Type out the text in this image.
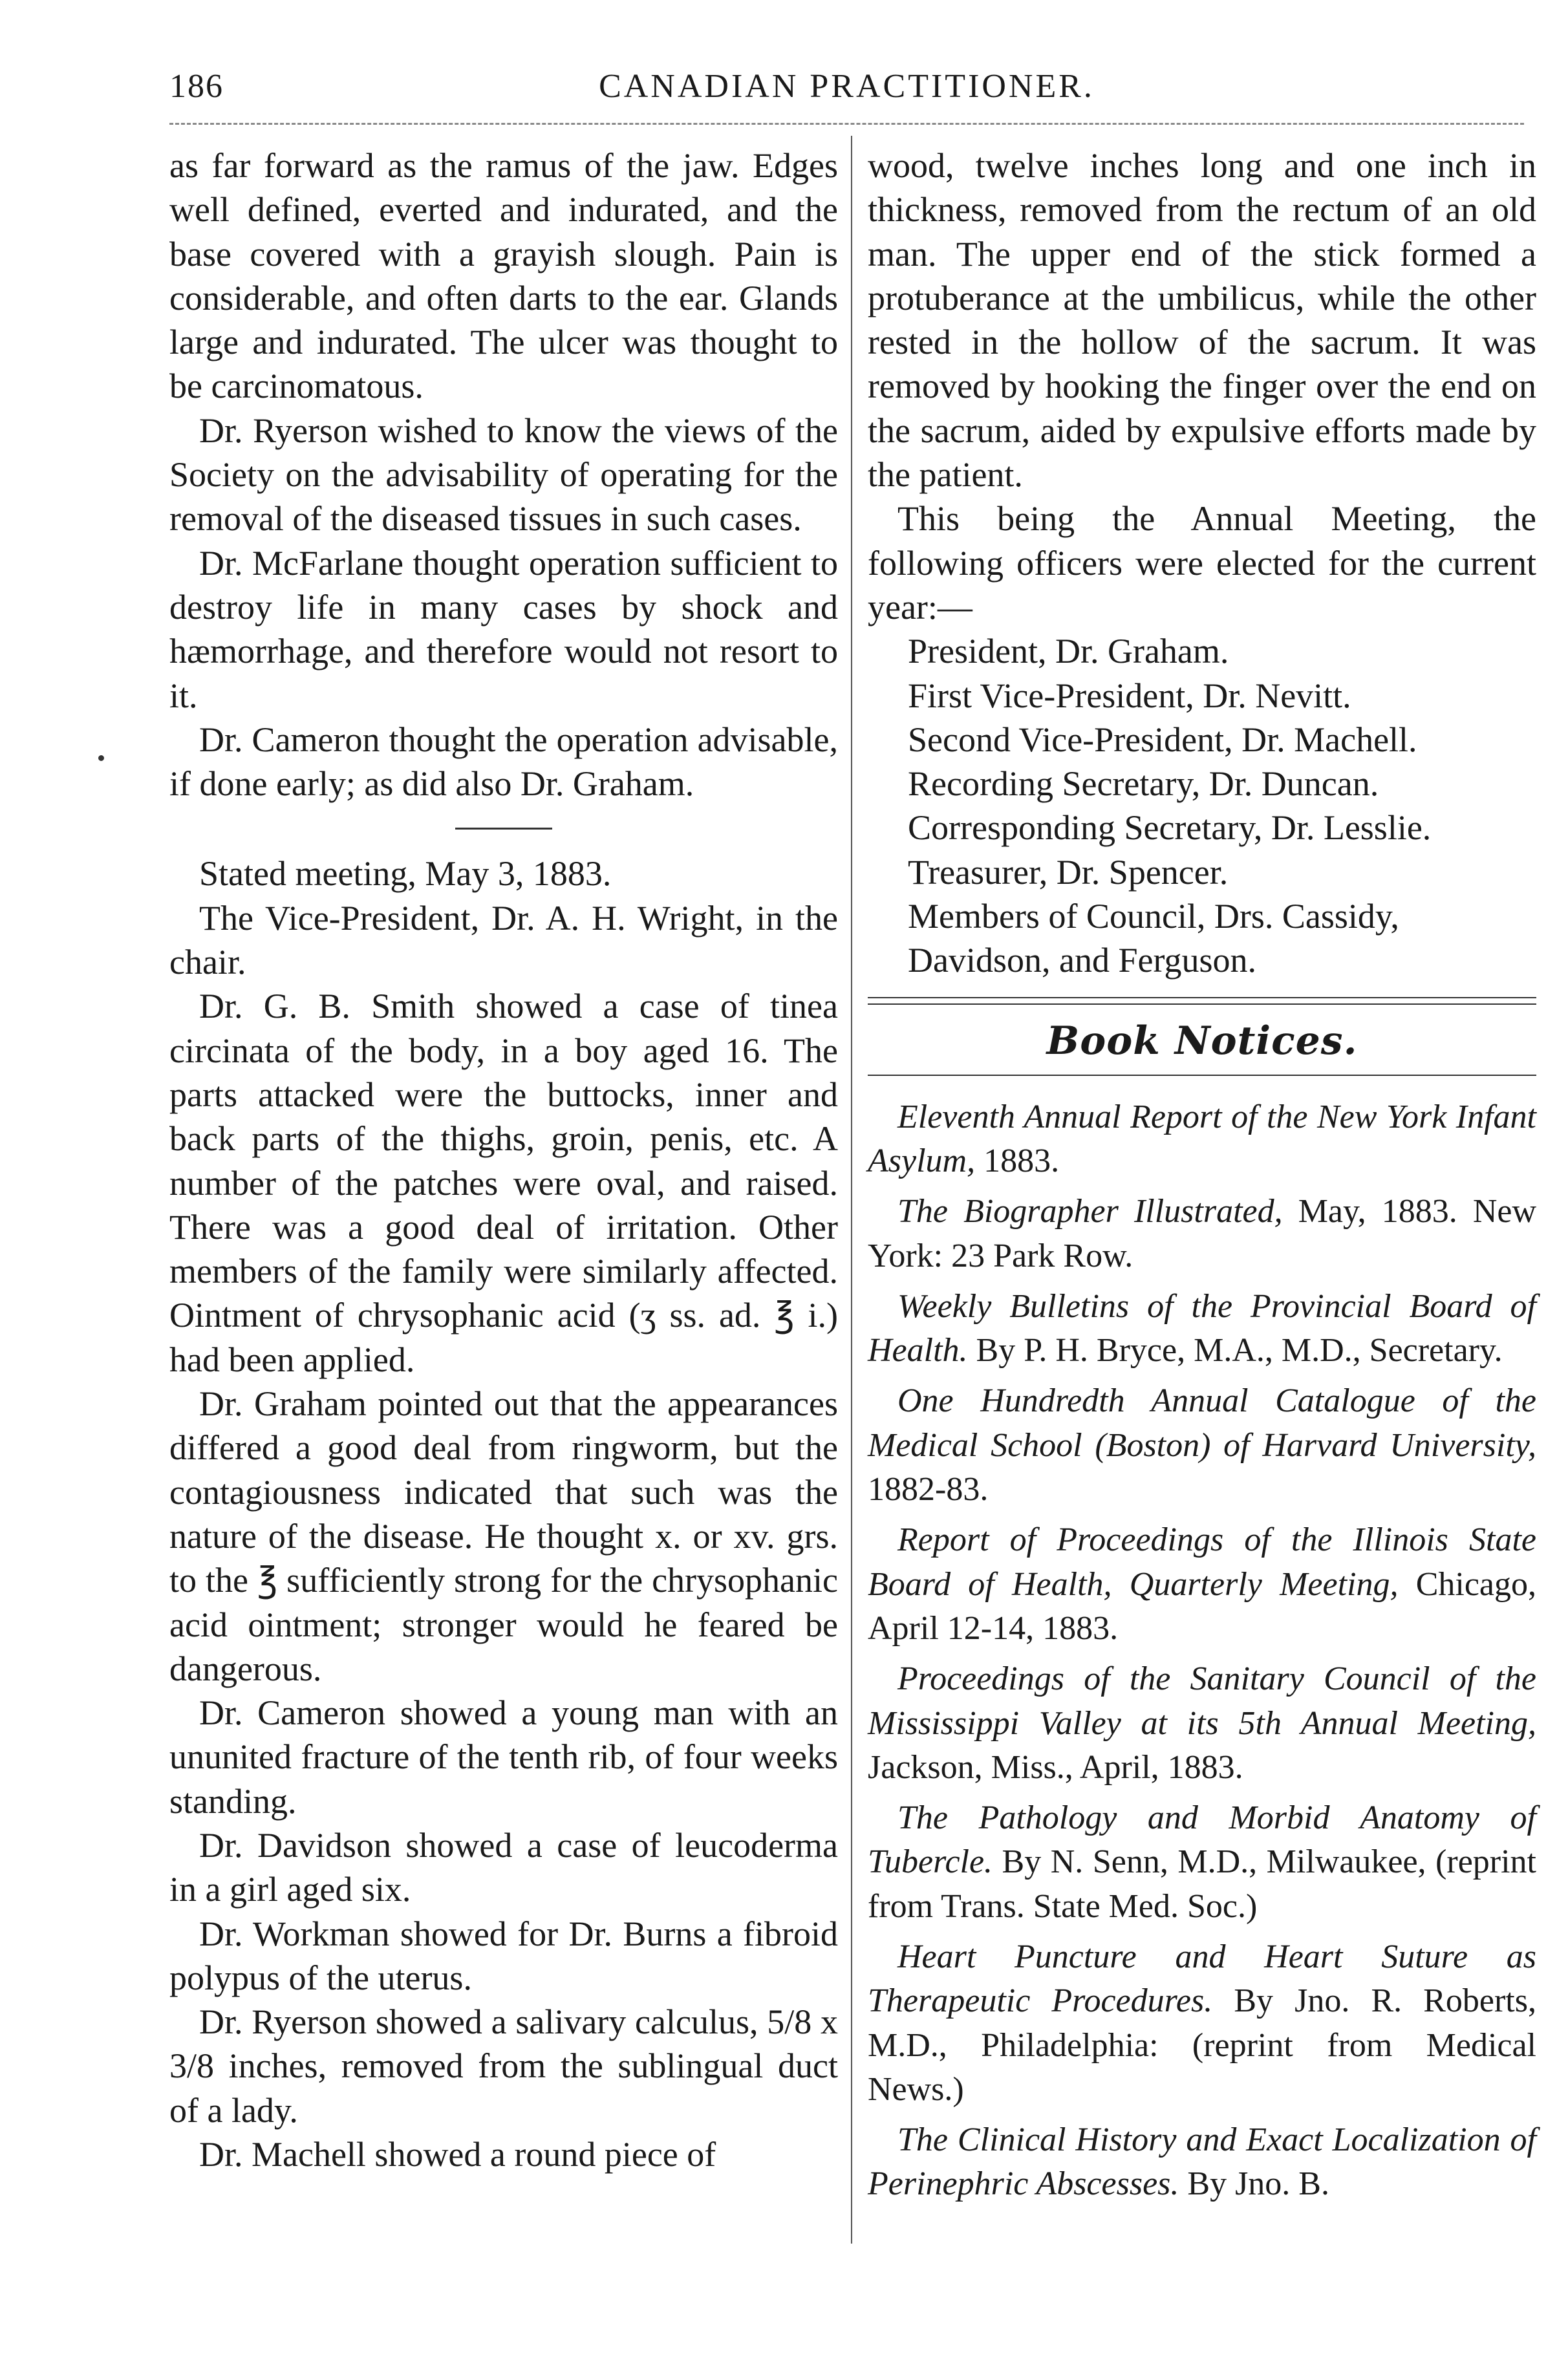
186	CANADIAN PRACTITIONER.

as far forward as the ramus of the jaw. Edges well defined, everted and indurated, and the base covered with a grayish slough. Pain is considerable, and often darts to the ear. Glands large and indurated. The ulcer was thought to be carcinomatous.

Dr. Ryerson wished to know the views of the Society on the advisability of operating for the removal of the diseased tissues in such cases.

Dr. McFarlane thought operation sufficient to destroy life in many cases by shock and hæmorrhage, and therefore would not resort to it.

Dr. Cameron thought the operation advisable, if done early; as did also Dr. Graham.

Stated meeting, May 3, 1883.

The Vice-President, Dr. A. H. Wright, in the chair.

Dr. G. B. Smith showed a case of tinea circinata of the body, in a boy aged 16. The parts attacked were the buttocks, inner and back parts of the thighs, groin, penis, etc. A number of the patches were oval, and raised. There was a good deal of irritation. Other members of the family were similarly affected. Ointment of chrysophanic acid (ʒ ss. ad. ℥ i.) had been applied.

Dr. Graham pointed out that the appearances differed a good deal from ringworm, but the contagiousness indicated that such was the nature of the disease. He thought x. or xv. grs. to the ℥ sufficiently strong for the chrysophanic acid ointment; stronger would he feared be dangerous.

Dr. Cameron showed a young man with an ununited fracture of the tenth rib, of four weeks standing.

Dr. Davidson showed a case of leucoderma in a girl aged six.

Dr. Workman showed for Dr. Burns a fibroid polypus of the uterus.

Dr. Ryerson showed a salivary calculus, 5/8 x 3/8 inches, removed from the sublingual duct of a lady.

Dr. Machell showed a round piece of

wood, twelve inches long and one inch in thickness, removed from the rectum of an old man. The upper end of the stick formed a protuberance at the umbilicus, while the other rested in the hollow of the sacrum. It was removed by hooking the finger over the end on the sacrum, aided by expulsive efforts made by the patient.

This being the Annual Meeting, the following officers were elected for the current year:—

President, Dr. Graham.
First Vice-President, Dr. Nevitt.
Second Vice-President, Dr. Machell.
Recording Secretary, Dr. Duncan.
Corresponding Secretary, Dr. Lesslie.
Treasurer, Dr. Spencer.
Members of Council, Drs. Cassidy, Davidson, and Ferguson.
Book Notices.
Eleventh Annual Report of the New York Infant Asylum, 1883.
The Biographer Illustrated, May, 1883. New York: 23 Park Row.
Weekly Bulletins of the Provincial Board of Health. By P. H. Bryce, M.A., M.D., Secretary.
One Hundredth Annual Catalogue of the Medical School (Boston) of Harvard University, 1882-83.
Report of Proceedings of the Illinois State Board of Health, Quarterly Meeting, Chicago, April 12-14, 1883.
Proceedings of the Sanitary Council of the Mississippi Valley at its 5th Annual Meeting, Jackson, Miss., April, 1883.
The Pathology and Morbid Anatomy of Tubercle. By N. Senn, M.D., Milwaukee, (reprint from Trans. State Med. Soc.)
Heart Puncture and Heart Suture as Therapeutic Procedures. By Jno. R. Roberts, M.D., Philadelphia: (reprint from Medical News.)
The Clinical History and Exact Localization of Perinephric Abscesses. By Jno. B.
